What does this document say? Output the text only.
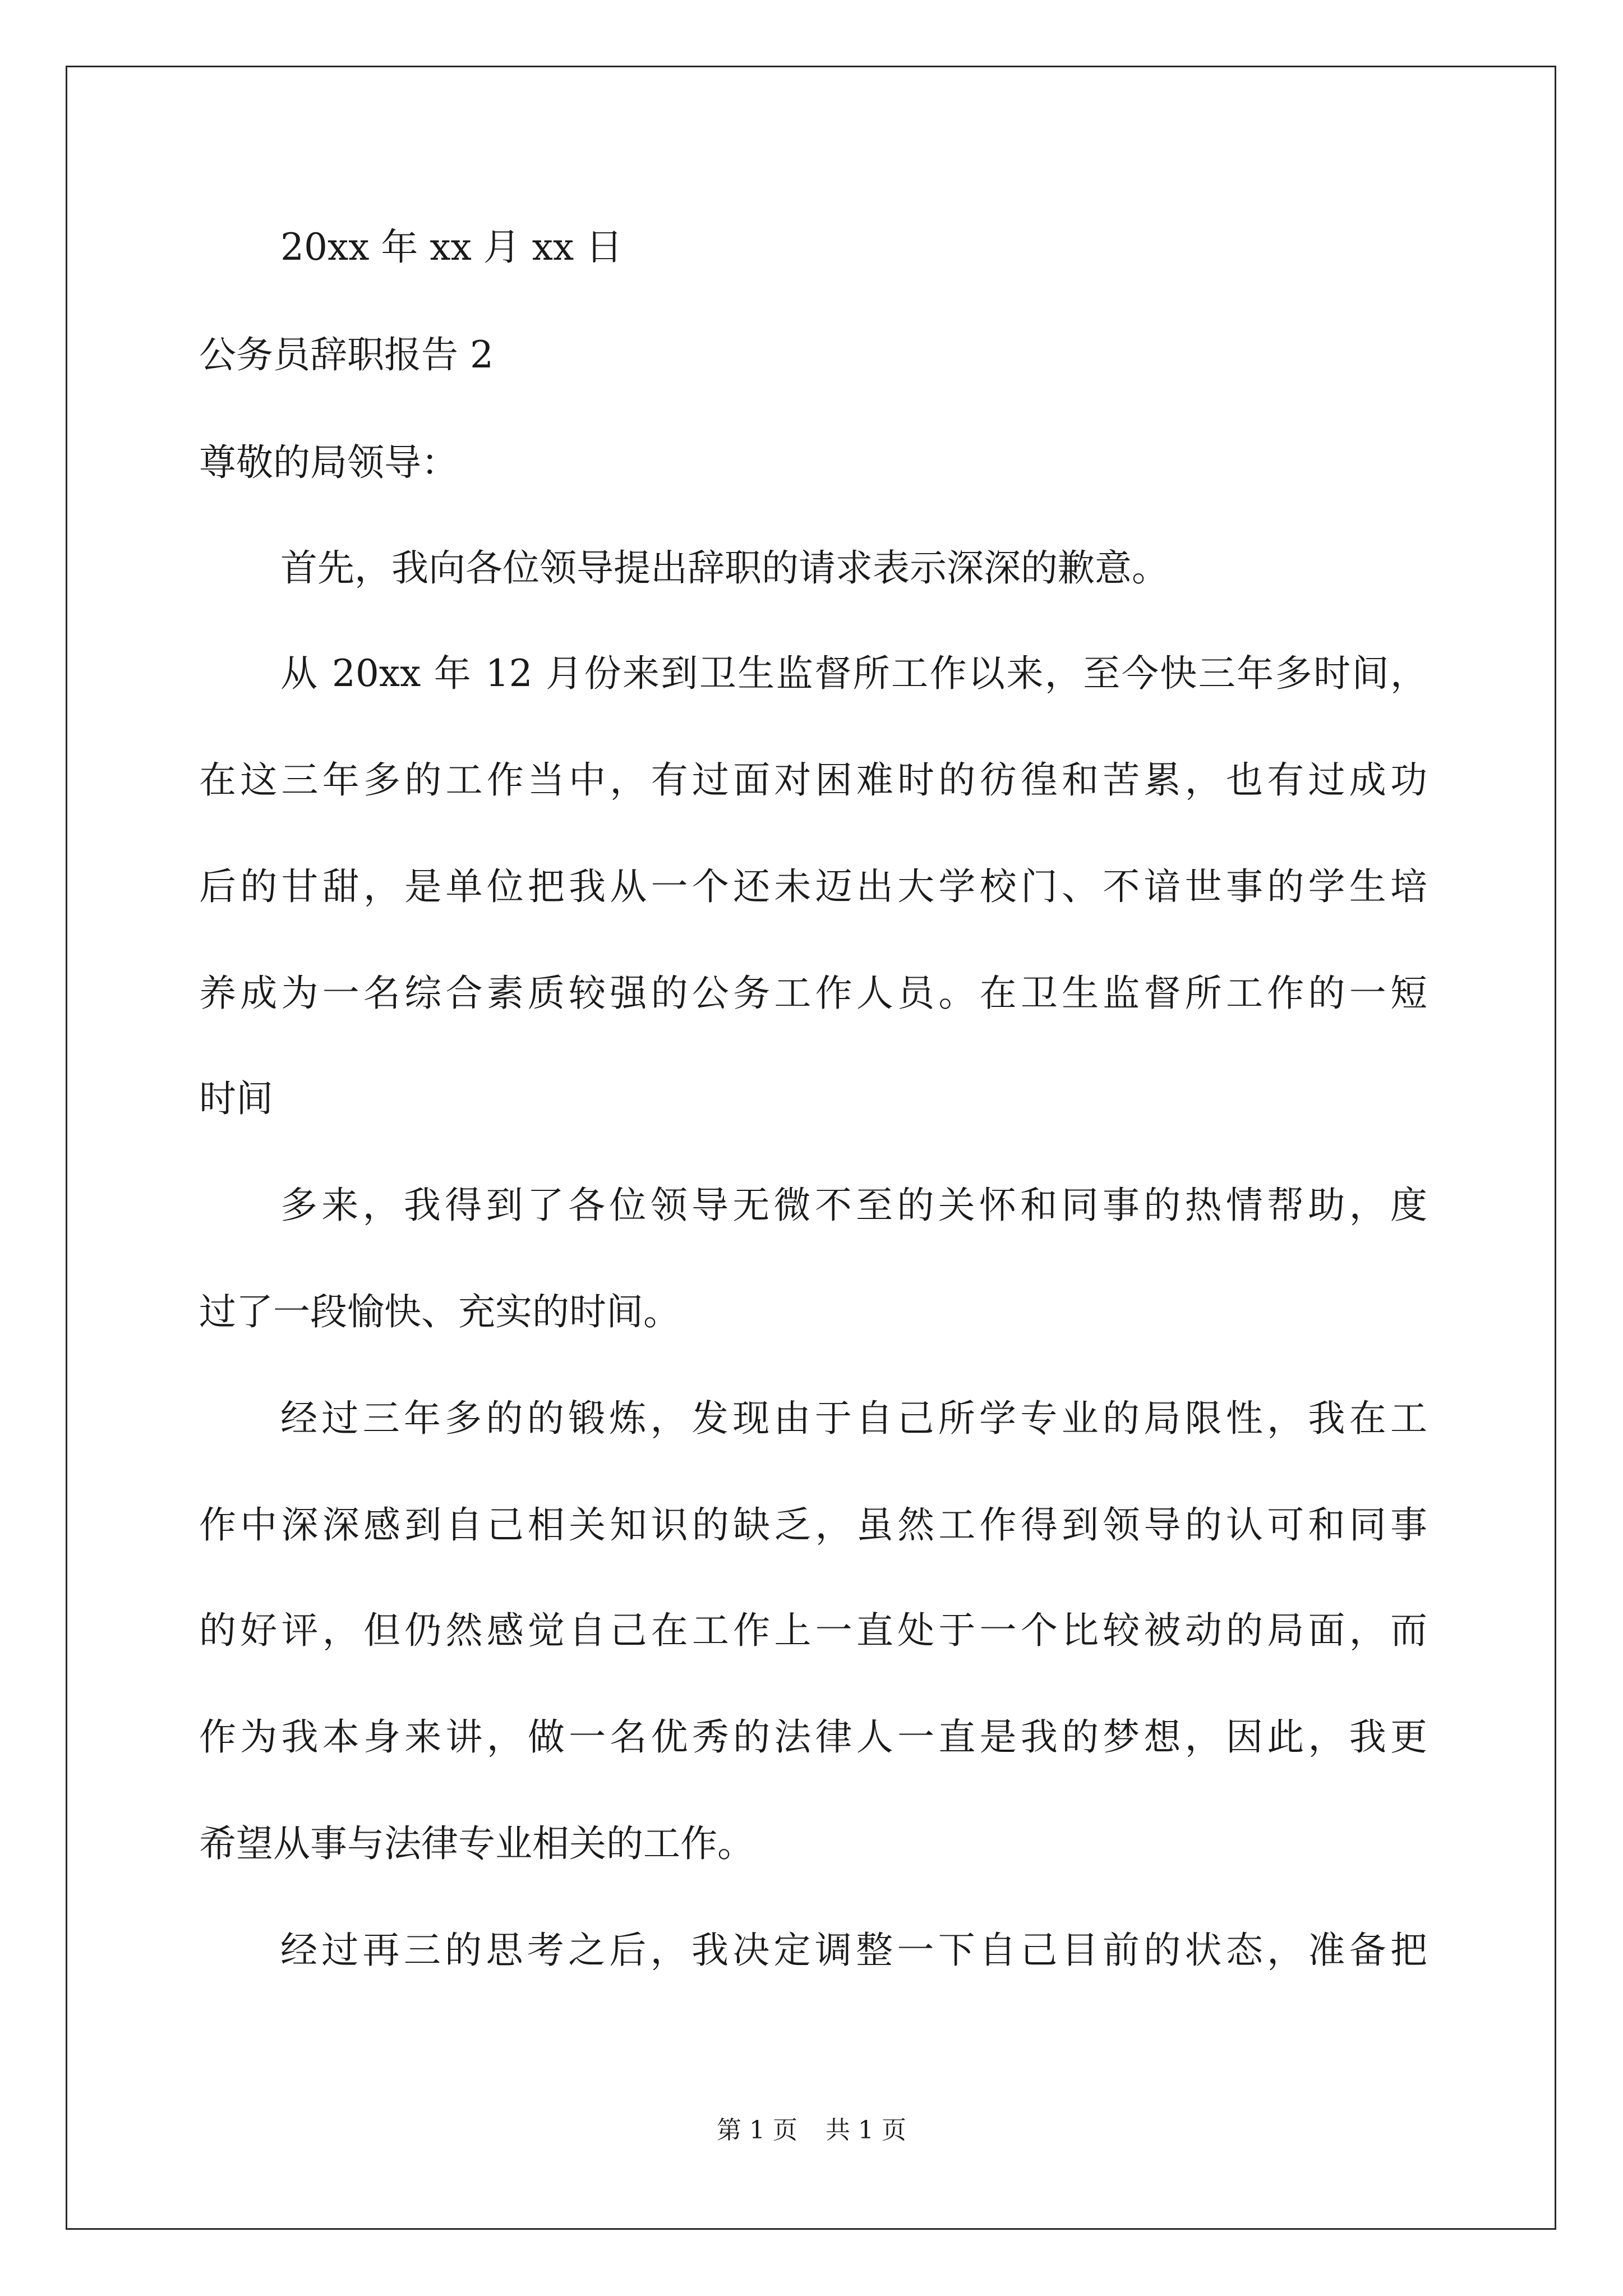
20xx 年 xx 月 xx 日
公务员辞职报告 2
尊敬的局领导：
首先，我向各位领导提出辞职的请求表示深深的歉意。
从 20xx 年 12 月份来到卫生监督所工作以来，至今快三年多时间，
在这三年多的工作当中，有过面对困难时的彷徨和苦累，也有过成功
后的甘甜，是单位把我从一个还未迈出大学校门、不谙世事的学生培
养成为一名综合素质较强的公务工作人员。在卫生监督所工作的一短
时间
多来，我得到了各位领导无微不至的关怀和同事的热情帮助，度
过了一段愉快、充实的时间。
经过三年多的的锻炼，发现由于自己所学专业的局限性，我在工
作中深深感到自己相关知识的缺乏，虽然工作得到领导的认可和同事
的好评，但仍然感觉自己在工作上一直处于一个比较被动的局面，而
作为我本身来讲，做一名优秀的法律人一直是我的梦想，因此，我更
希望从事与法律专业相关的工作。
经过再三的思考之后，我决定调整一下自己目前的状态，准备把
第 1 页 共 1 页
